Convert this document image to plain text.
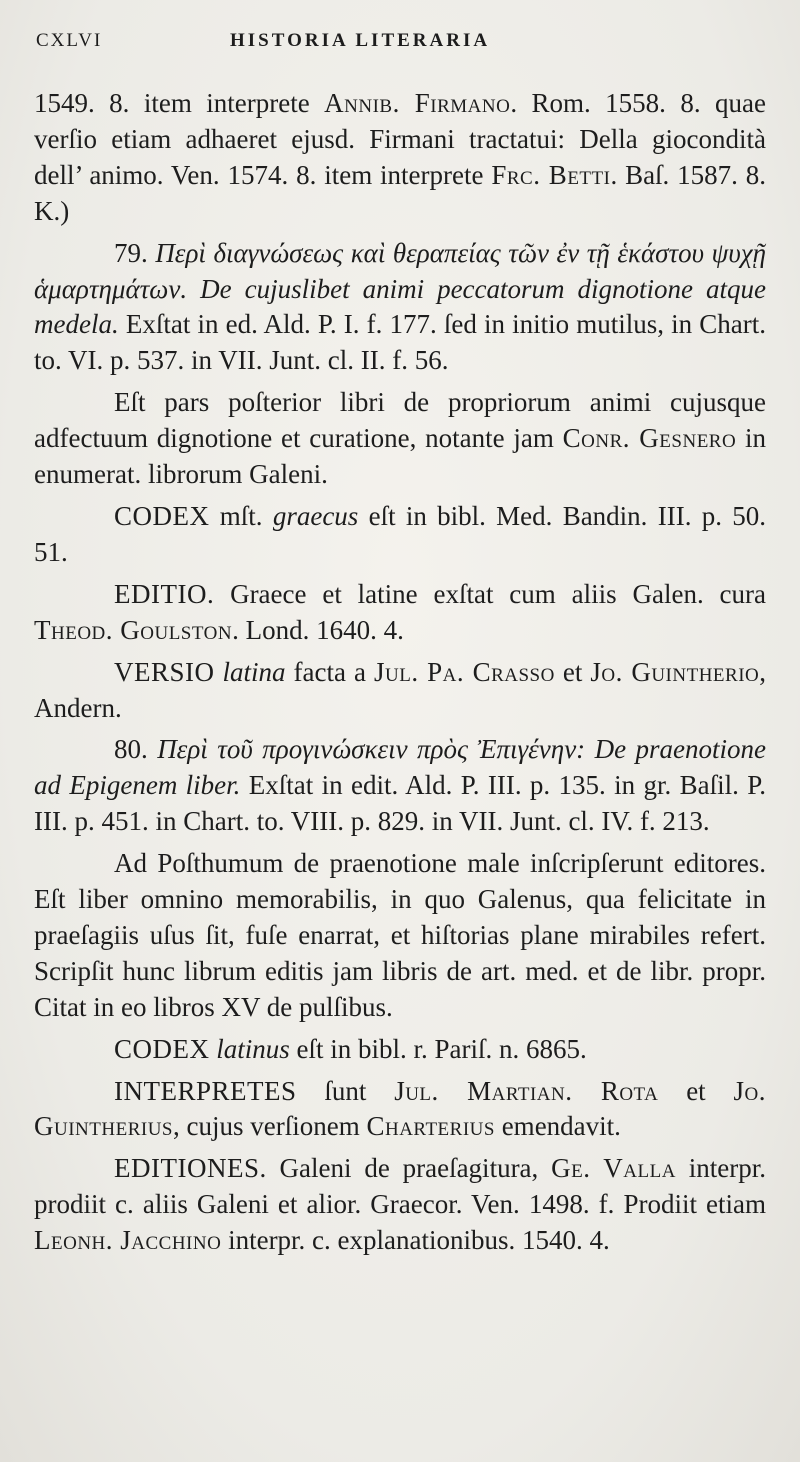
CXLVI	HISTORIA LITERARIA

1549. 8. item interprete Annib. Firmano. Rom. 1558. 8. quae verſio etiam adhaeret ejusd. Firmani tractatui: Della giocondità dell’ animo. Ven. 1574. 8. item interprete Frc. Betti. Baſ. 1587. 8. K.)

79. Περὶ διαγνώσεως καὶ θεραπείας τῶν ἐν τῇ ἑκάστου ψυχῇ ἁμαρτημάτων. De cujuslibet animi peccatorum dignotione atque medela. Exſtat in ed. Ald. P. I. f. 177. ſed in initio mutilus, in Chart. to. VI. p. 537. in VII. Junt. cl. II. f. 56.

Eſt pars poſterior libri de propriorum animi cujusque adfectuum dignotione et curatione, notante jam Conr. Gesnero in enumerat. librorum Galeni.

CODEX mſt. graecus eſt in bibl. Med. Bandin. III. p. 50. 51.

EDITIO. Graece et latine exſtat cum aliis Galen. cura Theod. Goulston. Lond. 1640. 4.

VERSIO latina facta a Jul. Pa. Crasso et Jo. Guintherio, Andern.

80. Περὶ τοῦ προγινώσκειν πρὸς Ἐπιγένην: De praenotione ad Epigenem liber. Exſtat in edit. Ald. P. III. p. 135. in gr. Baſil. P. III. p. 451. in Chart. to. VIII. p. 829. in VII. Junt. cl. IV. f. 213.

Ad Poſthumum de praenotione male inſcripſerunt editores. Eſt liber omnino memorabilis, in quo Galenus, qua felicitate in praeſagiis uſus ſit, fuſe enarrat, et hiſtorias plane mirabiles refert. Scripſit hunc librum editis jam libris de art. med. et de libr. propr. Citat in eo libros XV de pulſibus.

CODEX latinus eſt in bibl. r. Pariſ. n. 6865.

INTERPRETES ſunt Jul. Martian. Rota et Jo. Guintherius, cujus verſionem Charterius emendavit.

EDITIONES. Galeni de praeſagitura, Ge. Valla interpr. prodiit c. aliis Galeni et alior. Graecor. Ven. 1498. f. Prodiit etiam Leonh. Jacchino interpr. c. explanationibus. 1540. 4.
